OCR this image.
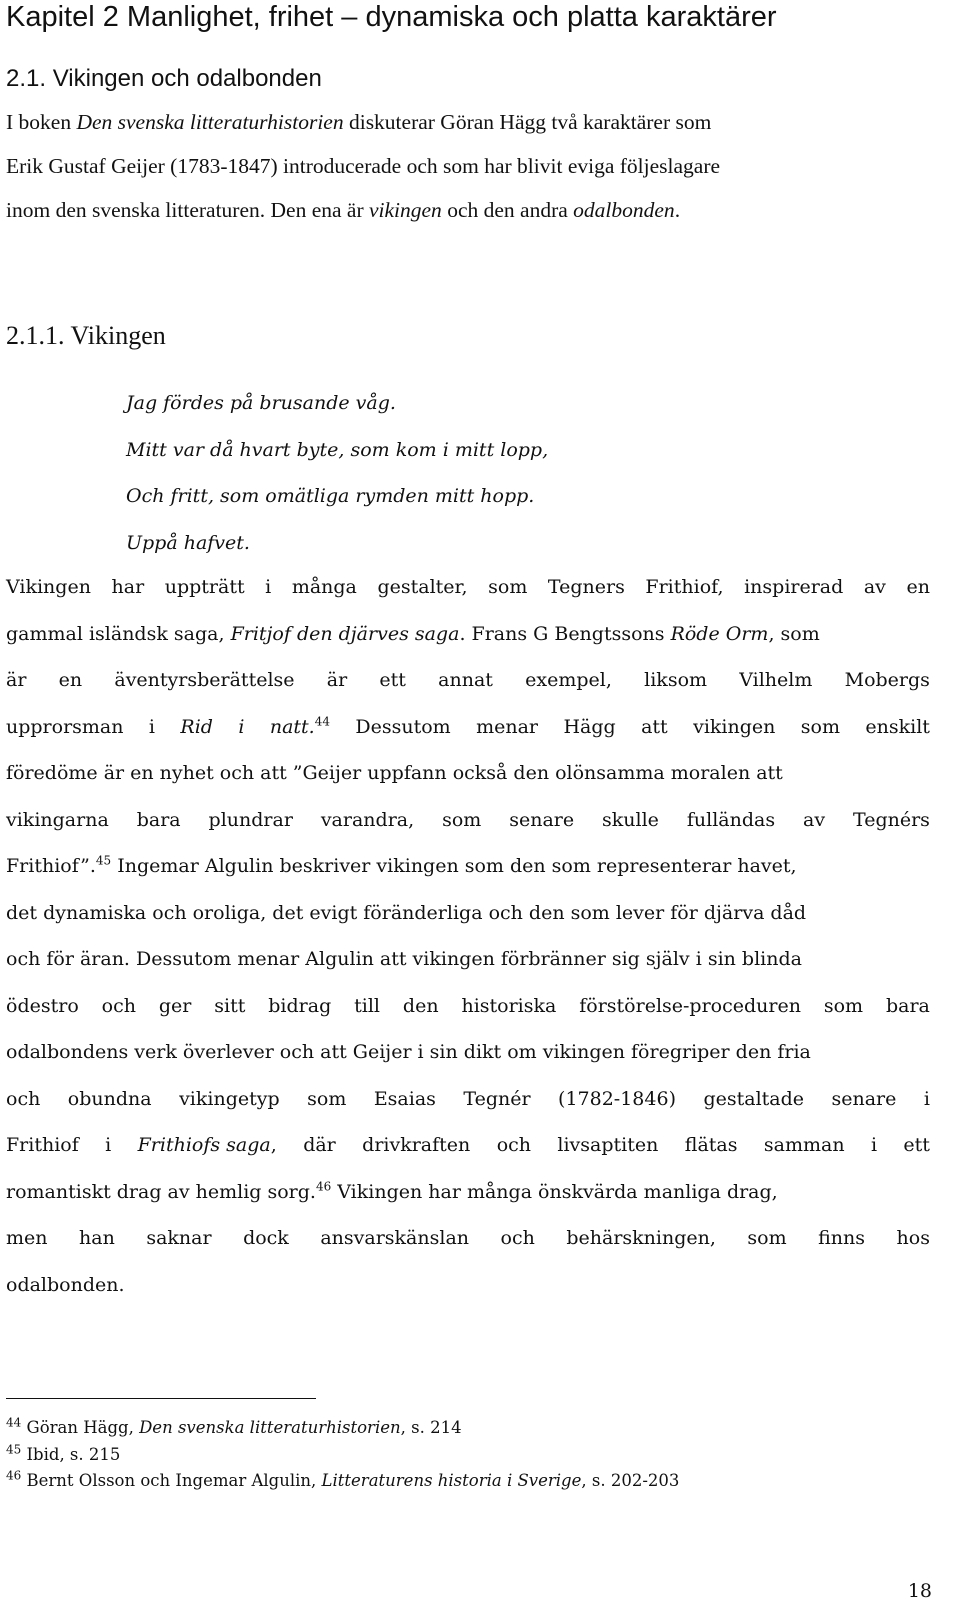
Kapitel 2 Manlighet, frihet – dynamiska och platta karaktärer
2.1. Vikingen och odalbonden
I boken Den svenska litteraturhistorien diskuterar Göran Hägg två karaktärer som
Erik Gustaf Geijer (1783-1847) introducerade och som har blivit eviga följeslagare
inom den svenska litteraturen. Den ena är vikingen och den andra odalbonden.
2.1.1. Vikingen
Jag fördes på brusande våg.
Mitt var då hvart byte, som kom i mitt lopp,
Och fritt, som omätliga rymden mitt hopp.
Uppå hafvet.
Vikingen har uppträtt i många gestalter, som Tegners Frithiof, inspirerad av en
gammal isländsk saga, Fritjof den djärves saga. Frans G Bengtssons Röde Orm, som
är en äventyrsberättelse är ett annat exempel, liksom Vilhelm Mobergs
upprorsman i Rid i natt.$^{44}$ Dessutom menar Hägg att vikingen som enskilt
föredöme är en nyhet och att ”Geijer uppfann också den olönsamma moralen att
vikingarna bara plundrar varandra, som senare skulle fulländas av Tegnérs
Frithiof”.$^{45}$ Ingemar Algulin beskriver vikingen som den som representerar havet,
det dynamiska och oroliga, det evigt föränderliga och den som lever för djärva dåd
och för äran. Dessutom menar Algulin att vikingen förbränner sig själv i sin blinda
ödestro och ger sitt bidrag till den historiska förstörelse-proceduren som bara
odalbondens verk överlever och att Geijer i sin dikt om vikingen föregriper den fria
och obundna vikingetyp som Esaias Tegnér (1782-1846) gestaltade senare i
Frithiof i Frithiofs saga, där drivkraften och livsaptiten flätas samman i ett
romantiskt drag av hemlig sorg.$^{46}$ Vikingen har många önskvärda manliga drag,
men han saknar dock ansvarskänslan och behärskningen, som finns hos
odalbonden.
$^{44}$ Göran Hägg, Den svenska litteraturhistorien, s. 214
$^{45}$ Ibid, s. 215
$^{46}$ Bernt Olsson och Ingemar Algulin, Litteraturens historia i Sverige, s. 202-203
18
